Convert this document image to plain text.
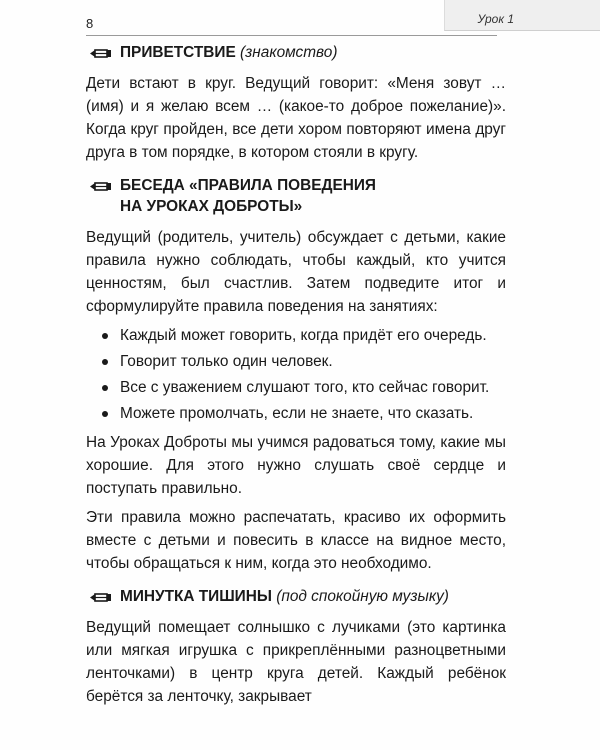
8	Урок 1
ПРИВЕТСТВИЕ (знакомство)

Дети встают в круг. Ведущий говорит: «Меня зовут … (имя) и я желаю всем … (какое-то доброе пожелание)». Когда круг пройден, все дети хором повторяют имена друг друга в том порядке, в котором стояли в кругу.

БЕСЕДА «ПРАВИЛА ПОВЕДЕНИЯ
НА УРОКАХ ДОБРОТЫ»

Ведущий (родитель, учитель) обсуждает с детьми, какие правила нужно соблюдать, чтобы каждый, кто учится ценностям, был счастлив. Затем подведите итог и сформулируйте правила поведения на занятиях:

Каждый может говорить, когда придёт его очередь.
Говорит только один человек.
Все с уважением слушают того, кто сейчас говорит.
Можете промолчать, если не знаете, что сказать.

На Уроках Доброты мы учимся радоваться тому, какие мы хорошие. Для этого нужно слушать своё сердце и поступать правильно.

Эти правила можно распечатать, красиво их оформить вместе с детьми и повесить в классе на видное место, чтобы обращаться к ним, когда это необходимо.

МИНУТКА ТИШИНЫ (под спокойную музыку)

Ведущий помещает солнышко с лучиками (это картинка или мягкая игрушка с прикреплёнными разноцветными ленточками) в центр круга детей. Каждый ребёнок берётся за ленточку, закрывает
